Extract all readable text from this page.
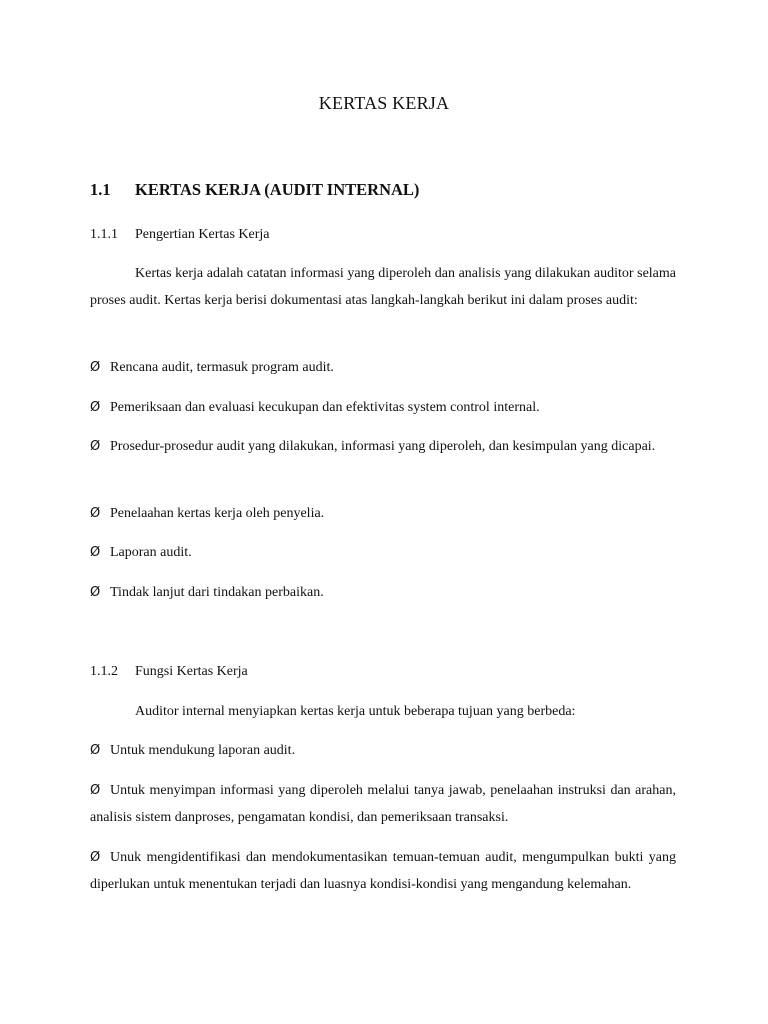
KERTAS KERJA
1.1 KERTAS KERJA (AUDIT INTERNAL)
1.1.1 Pengertian Kertas Kerja

Kertas kerja adalah catatan informasi yang diperoleh dan analisis yang dilakukan auditor selama proses audit. Kertas kerja berisi dokumentasi atas langkah-langkah berikut ini dalam proses audit:

Ø Rencana audit, termasuk program audit.

Ø Pemeriksaan dan evaluasi kecukupan dan efektivitas system control internal.

Ø Prosedur-prosedur audit yang dilakukan, informasi yang diperoleh, dan kesimpulan yang dicapai.

Ø Penelaahan kertas kerja oleh penyelia.

Ø Laporan audit.

Ø Tindak lanjut dari tindakan perbaikan.

1.1.2 Fungsi Kertas Kerja

Auditor internal menyiapkan kertas kerja untuk beberapa tujuan yang berbeda:

Ø Untuk mendukung laporan audit.

Ø Untuk menyimpan informasi yang diperoleh melalui tanya jawab, penelaahan instruksi dan arahan, analisis sistem danproses, pengamatan kondisi, dan pemeriksaan transaksi.

Ø Unuk mengidentifikasi dan mendokumentasikan temuan-temuan audit, mengumpulkan bukti yang diperlukan untuk menentukan terjadi dan luasnya kondisi-kondisi yang mengandung kelemahan.
